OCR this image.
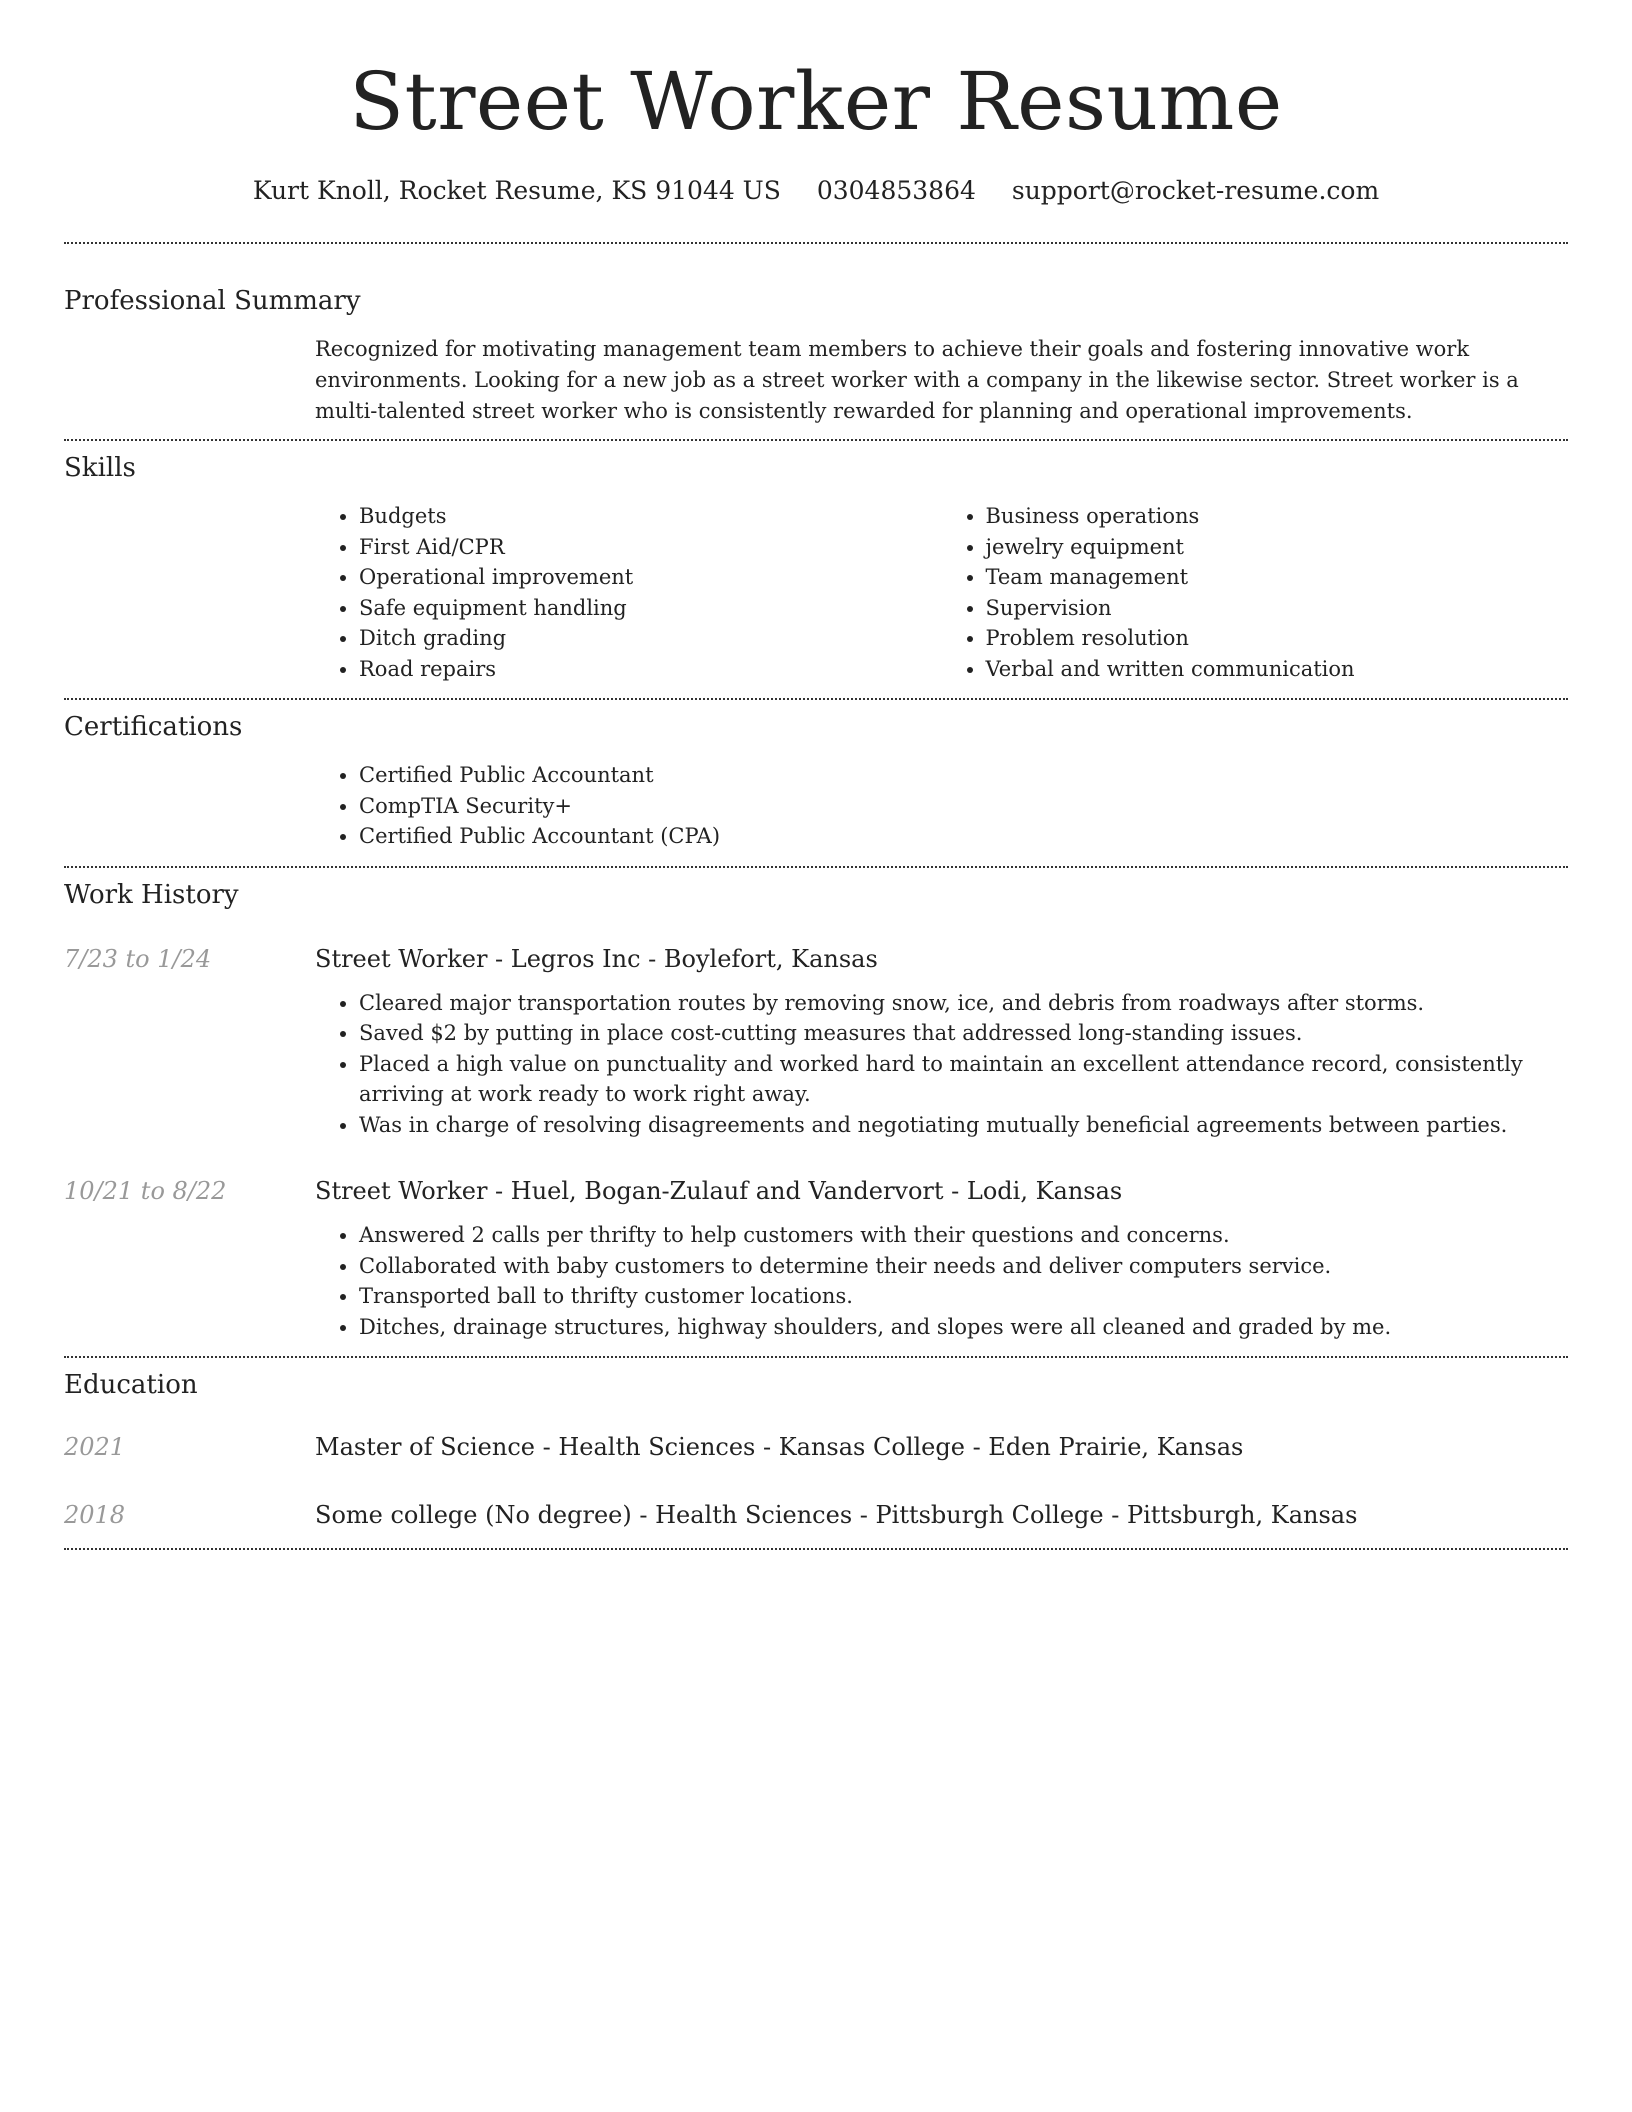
Street Worker Resume
Kurt Knoll, Rocket Resume, KS 91044 US 0304853864 support@rocket-resume.com
Professional Summary
Recognized for motivating management team members to achieve their goals and fostering innovative work environments. Looking for a new job as a street worker with a company in the likewise sector. Street worker is a multi-talented street worker who is consistently rewarded for planning and operational improvements.
Skills
• Budgets
• First Aid/CPR
• Operational improvement
• Safe equipment handling
• Ditch grading
• Road repairs
• Business operations
• jewelry equipment
• Team management
• Supervision
• Problem resolution
• Verbal and written communication
Certifications
• Certified Public Accountant
• CompTIA Security+
• Certified Public Accountant (CPA)
Work History
7/23 to 1/24	Street Worker - Legros Inc - Boylefort, Kansas
• Cleared major transportation routes by removing snow, ice, and debris from roadways after storms.
• Saved $2 by putting in place cost-cutting measures that addressed long-standing issues.
• Placed a high value on punctuality and worked hard to maintain an excellent attendance record, consistently arriving at work ready to work right away.
• Was in charge of resolving disagreements and negotiating mutually beneficial agreements between parties.
10/21 to 8/22	Street Worker - Huel, Bogan-Zulauf and Vandervort - Lodi, Kansas
• Answered 2 calls per thrifty to help customers with their questions and concerns.
• Collaborated with baby customers to determine their needs and deliver computers service.
• Transported ball to thrifty customer locations.
• Ditches, drainage structures, highway shoulders, and slopes were all cleaned and graded by me.
Education
2021	Master of Science - Health Sciences - Kansas College - Eden Prairie, Kansas
2018	Some college (No degree) - Health Sciences - Pittsburgh College - Pittsburgh, Kansas
